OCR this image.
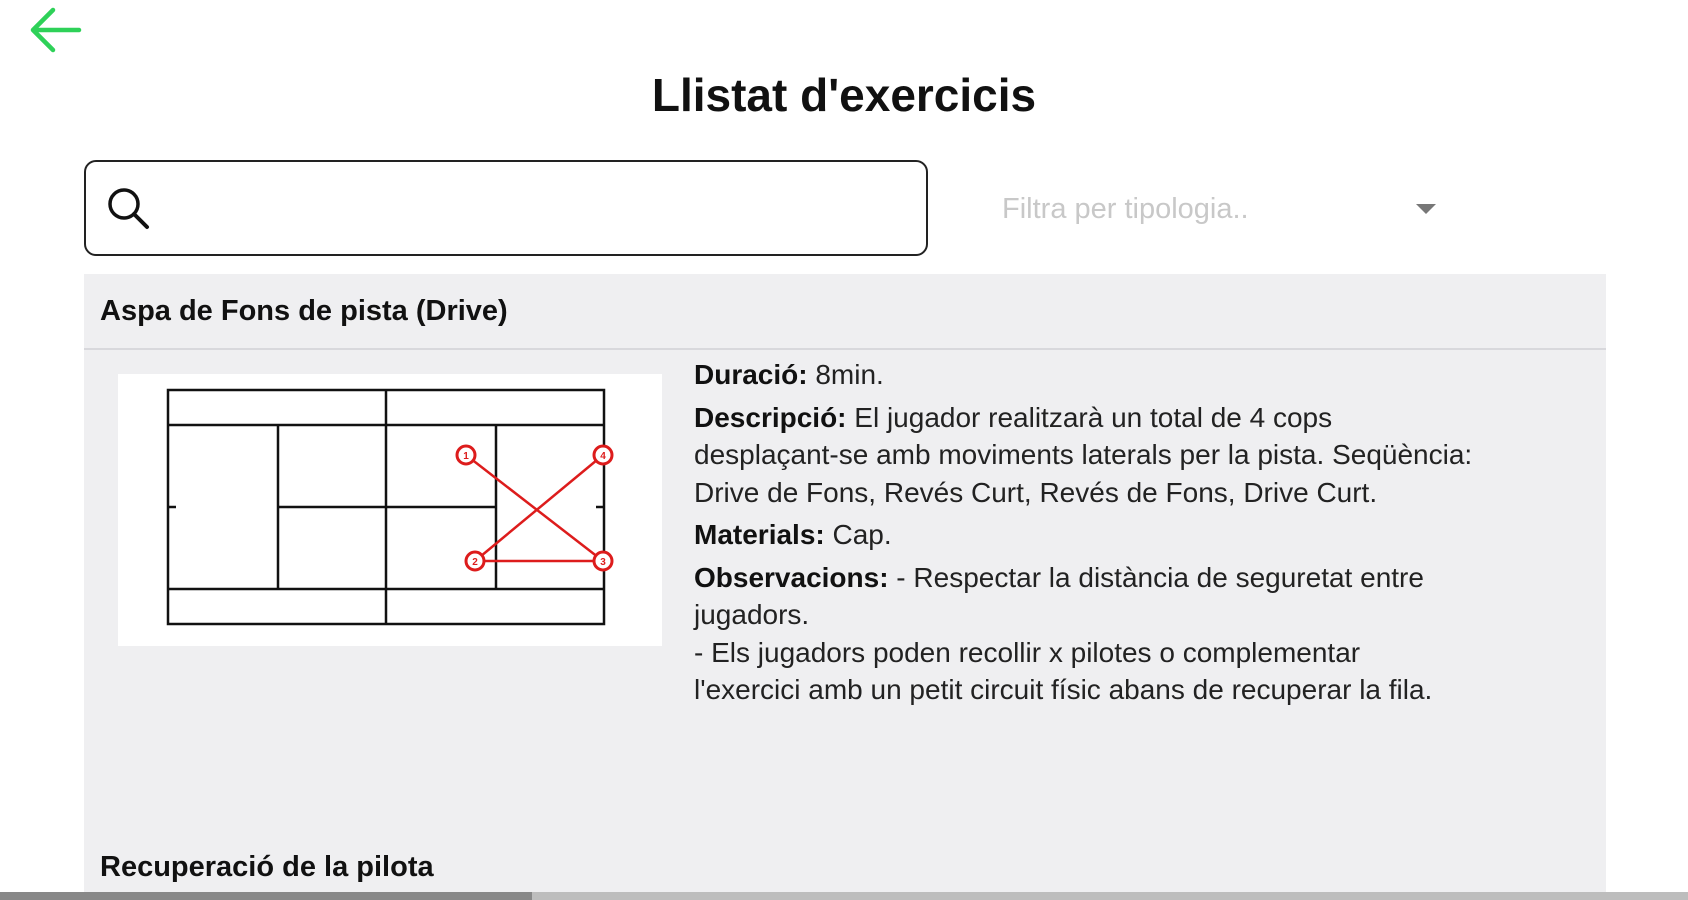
Llistat d'exercicis
Filtra per tipologia..
Aspa de Fons de pista (Drive)
1
2	3
4

Duració: 8min.

Descripció: El jugador realitzarà un total de 4 cops desplaçant-se amb moviments laterals per la pista. Seqüència: Drive de Fons, Revés Curt, Revés de Fons, Drive Curt.

Materials: Cap.

Observacions: - Respectar la distància de seguretat entre jugadors.

- Els jugadors poden recollir x pilotes o complementar l'exercici amb un petit circuit físic abans de recuperar la fila.

Recuperació de la pilota
